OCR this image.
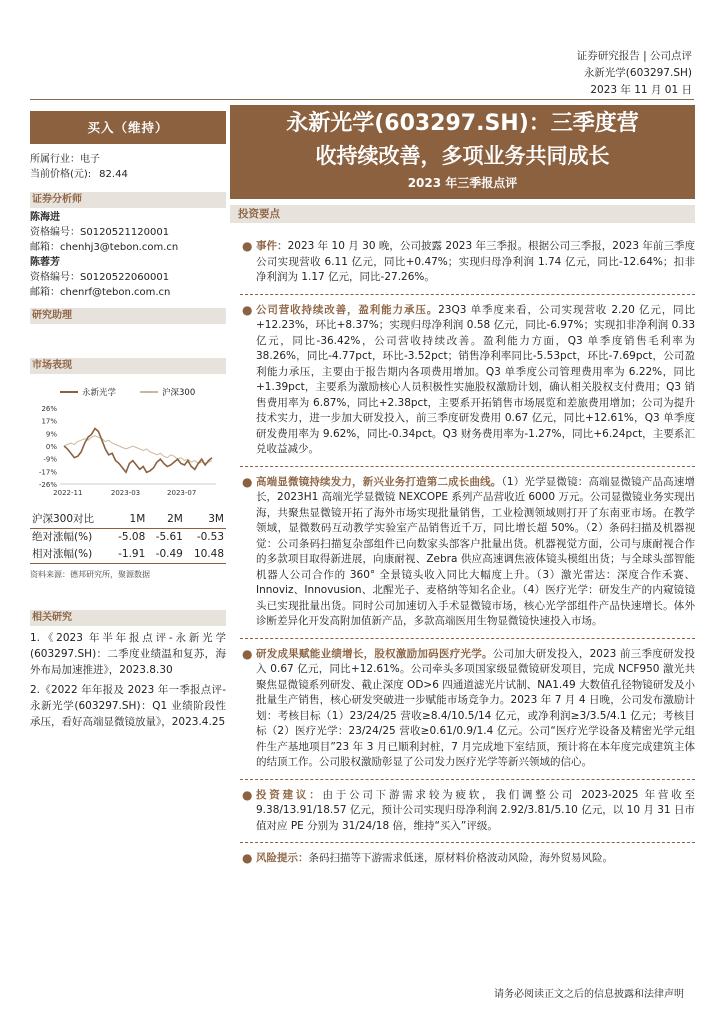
证券研究报告 | 公司点评
永新光学(603297.SH)
2023 年 11 月 01 日
买入（维持）	永新光学(603297.SH)：三季度营
收持续改善，多项业务共同成长
2023 年三季报点评
所属行业：电子
当前价格(元): 82.44
证券分析师
陈海进
资格编号：S0120521120001
邮箱：chenhj3@tebon.com.cn
陈蓉芳
资格编号：S0120522060001
邮箱：chenrf@tebon.com.cn
研究助理
市场表现
永新光学	沪深300
26%
17%
9%
0%
-9%
-17%
-26%
2022-11	2023-03	2023-07
沪深300对比	1M	2M	3M
绝对涨幅(%)	-5.08	-5.61	-0.53
相对涨幅(%)	-1.91	-0.49	10.48
资料来源：德邦研究所，聚源数据
相关研究
1.《2023 年半年报点评-永新光学(603297.SH)：二季度业绩温和复苏，海外布局加速推进》，2023.8.30
2.《2022 年年报及 2023 年一季报点评-永新光学(603297.SH)：Q1 业绩阶段性承压，看好高端显微镜放量》，2023.4.25
投资要点
● 事件：2023 年 10 月 30 晚，公司披露 2023 年三季报。根据公司三季报，2023 年前三季度公司实现营收 6.11 亿元，同比+0.47%；实现归母净利润 1.74 亿元，同比-12.64%；扣非净利润为 1.17 亿元，同比-27.26%。
● 公司营收持续改善，盈利能力承压。23Q3 单季度来看，公司实现营收 2.20 亿元，同比+12.23%，环比+8.37%；实现归母净利润 0.58 亿元，同比-6.97%；实现扣非净利润 0.33 亿元，同比-36.42%，公司营收持续改善。盈利能力方面，Q3 单季度销售毛利率为 38.26%，同比-4.77pct，环比-3.52pct；销售净利率同比-5.53pct，环比-7.69pct，公司盈利能力承压，主要由于报告期内各项费用增加。Q3 单季度公司管理费用率为 6.22%，同比+1.39pct，主要系为激励核心人员积极性实施股权激励计划，确认相关股权支付费用；Q3 销售费用率为 6.87%，同比+2.38pct，主要系开拓销售市场展览和差旅费用增加；公司为提升技术实力，进一步加大研发投入，前三季度研发费用 0.67 亿元，同比+12.61%，Q3 单季度研发费用率为 9.62%，同比-0.34pct。Q3 财务费用率为-1.27%，同比+6.24pct，主要系汇兑收益减少。
● 高端显微镜持续发力，新兴业务打造第二成长曲线。（1）光学显微镜：高端显微镜产品高速增长，2023H1 高端光学显微镜 NEXCOPE 系列产品营收近 6000 万元。公司显微镜业务实现出海，共聚焦显微镜开拓了海外市场实现批量销售，工业检测领域则打开了东南亚市场。在教学领域，显微数码互动教学实验室产品销售近千万，同比增长超 50%。（2）条码扫描及机器视觉：公司条码扫描复杂部组件已向数家头部客户批量出货。机器视觉方面，公司与康耐视合作的多款项目取得新进展，向康耐视、Zebra 供应高速调焦液体镜头模组出货；与全球头部智能机器人公司合作的 360° 全景镜头收入同比大幅度上升。（3）激光雷达：深度合作禾赛、Innoviz、Innovusion、北醒光子、麦格纳等知名企业。（4）医疗光学：研发生产的内窥镜镜头已实现批量出货。同时公司加速切入手术显微镜市场，核心光学部组件产品快速增长。体外诊断差异化开发高附加值新产品，多款高端医用生物显微镜快速投入市场。
● 研发成果赋能业绩增长，股权激励加码医疗光学。公司加大研发投入，2023 前三季度研发投入 0.67 亿元，同比+12.61%。公司牵头多项国家级显微镜研发项目，完成 NCF950 激光共聚焦显微镜系列研发、截止深度 OD>6 四通道滤光片试制、NA1.49 大数值孔径物镜研发及小批量生产销售，核心研发突破进一步赋能市场竞争力。2023 年 7 月 4 日晚，公司发布激励计划：考核目标（1）23/24/25 营收≥8.4/10.5/14 亿元，或净利润≥3/3.5/4.1 亿元；考核目标（2）医疗光学：23/24/25 营收≥0.61/0.9/1.4 亿元。公司“医疗光学设备及精密光学元组件生产基地项目”23 年 3 月已顺利封桩，7 月完成地下室结顶，预计将在本年度完成建筑主体的结顶工作。公司股权激励彰显了公司发力医疗光学等新兴领域的信心。
● 投资建议：由于公司下游需求较为疲软，我们调整公司 2023-2025 年营收至 9.38/13.91/18.57 亿元，预计公司实现归母净利润 2.92/3.81/5.10 亿元，以 10 月 31 日市值对应 PE 分别为 31/24/18 倍，维持“买入”评级。
● 风险提示：条码扫描等下游需求低迷，原材料价格波动风险，海外贸易风险。
请务必阅读正文之后的信息披露和法律声明
